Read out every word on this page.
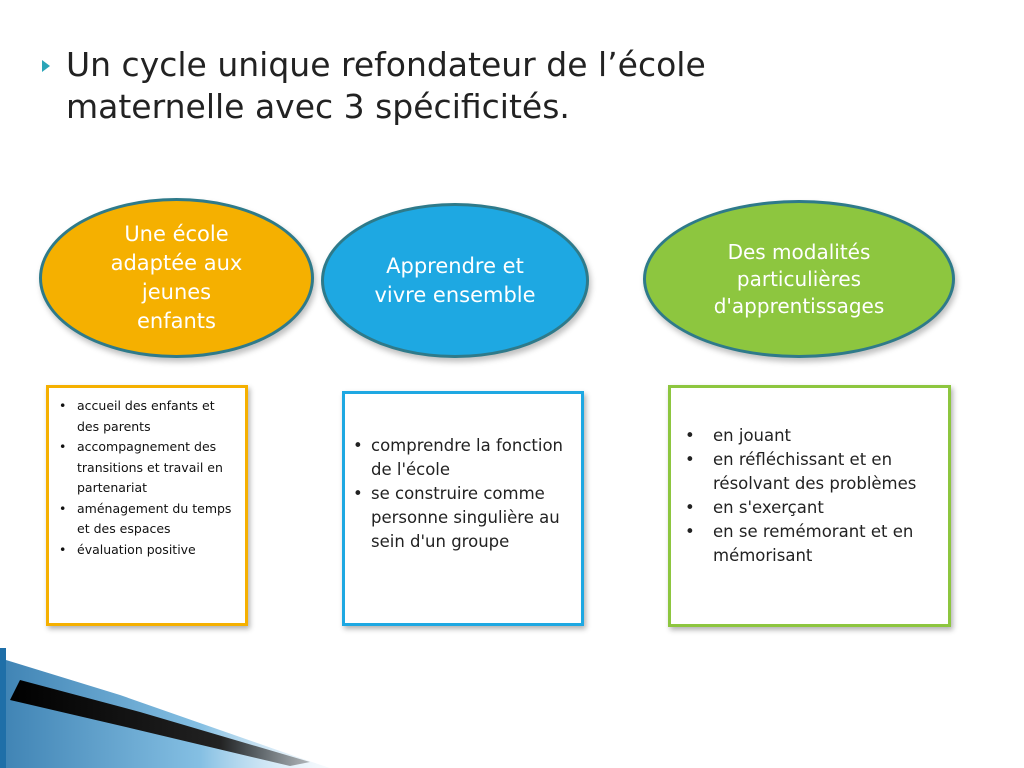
Un cycle unique refondateur de l’école
maternelle avec 3 spécificités.
Une école
adaptée aux
jeunes
enfants
Apprendre et
vivre ensemble
Des modalités
particulières
d'apprentissages
• accueil des enfants et des parents
• accompagnement des transitions et travail en partenariat
• aménagement du temps et des espaces
• évaluation positive
• comprendre la fonction de l'école
• se construire comme personne singulière au sein d'un groupe
• en jouant
• en réfléchissant et en résolvant des problèmes
• en s'exerçant
• en se remémorant et en mémorisant
